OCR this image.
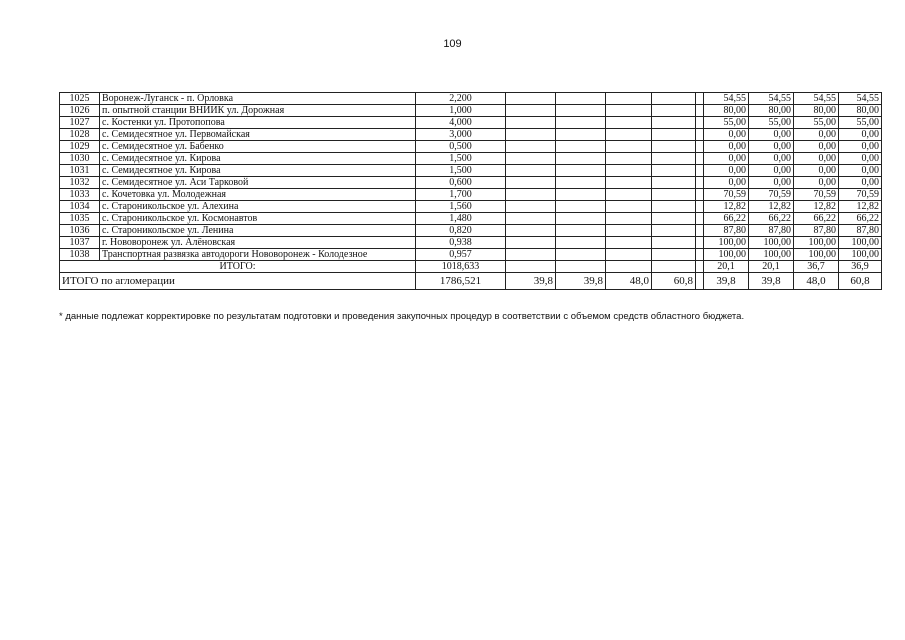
109
1025	Воронеж-Луганск - п. Орловка	2,200						54,55	54,55	54,55	54,55
1026	п. опытной станции ВНИИК ул. Дорожная	1,000						80,00	80,00	80,00	80,00
1027	с. Костенки ул. Протопопова	4,000						55,00	55,00	55,00	55,00
1028	с. Семидесятное ул. Первомайская	3,000						0,00	0,00	0,00	0,00
1029	с. Семидесятное ул. Бабенко	0,500						0,00	0,00	0,00	0,00
1030	с. Семидесятное ул. Кирова	1,500						0,00	0,00	0,00	0,00
1031	с. Семидесятное ул. Кирова	1,500						0,00	0,00	0,00	0,00
1032	с. Семидесятное ул. Аси Тарковой	0,600						0,00	0,00	0,00	0,00
1033	с. Кочетовка ул. Молодежная	1,700						70,59	70,59	70,59	70,59
1034	с. Староникольское ул. Алехина	1,560						12,82	12,82	12,82	12,82
1035	с. Староникольское ул. Космонавтов	1,480						66,22	66,22	66,22	66,22
1036	с. Староникольское ул. Ленина	0,820						87,80	87,80	87,80	87,80
1037	г. Нововоронеж ул. Алёновская	0,938						100,00	100,00	100,00	100,00
1038	Транспортная развязка автодороги Нововоронеж - Колодезное	0,957						100,00	100,00	100,00	100,00
ИТОГО:		1018,633						20,1	20,1	36,7	36,9
ИТОГО по агломерации		1786,521	39,8	39,8	48,0	60,8		39,8	39,8	48,0	60,8
* данные подлежат корректировке по результатам подготовки и проведения закупочных процедур в соответствии с объемом средств областного бюджета.
